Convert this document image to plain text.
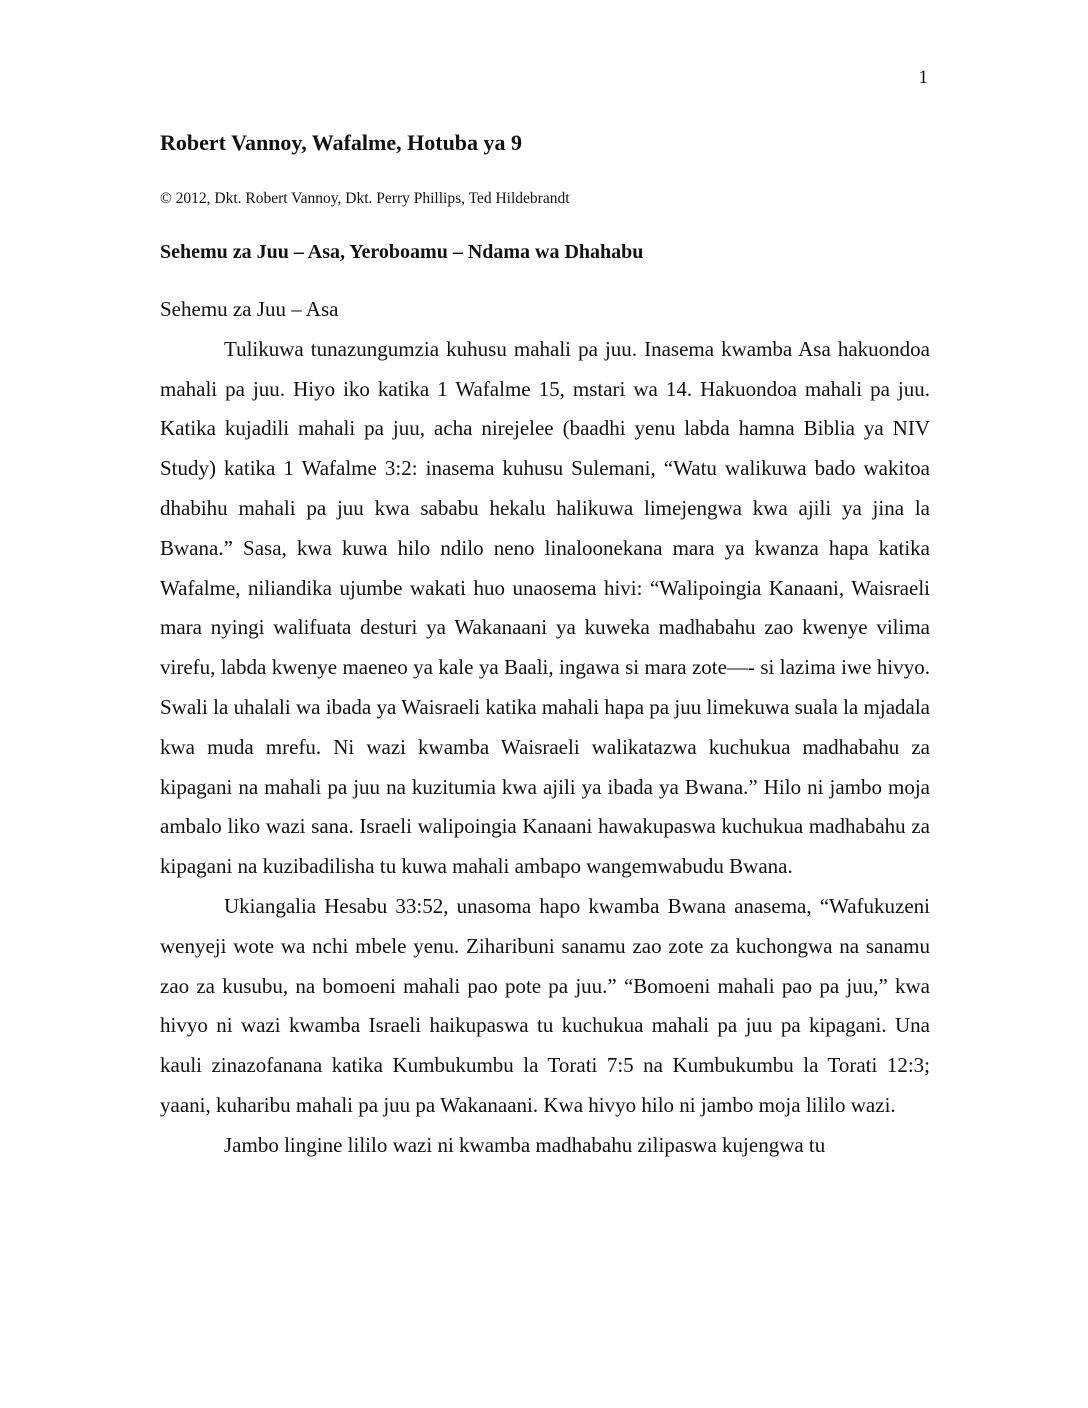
1
Robert Vannoy, Wafalme, Hotuba ya 9

© 2012, Dkt. Robert Vannoy, Dkt. Perry Phillips, Ted Hildebrandt

Sehemu za Juu – Asa, Yeroboamu – Ndama wa Dhahabu
Sehemu za Juu – Asa

Tulikuwa tunazungumzia kuhusu mahali pa juu. Inasema kwamba Asa hakuondoa mahali pa juu. Hiyo iko katika 1 Wafalme 15, mstari wa 14. Hakuondoa mahali pa juu. Katika kujadili mahali pa juu, acha nirejelee (baadhi yenu labda hamna Biblia ya NIV Study) katika 1 Wafalme 3:2: inasema kuhusu Sulemani, “Watu walikuwa bado wakitoa dhabihu mahali pa juu kwa sababu hekalu halikuwa limejengwa kwa ajili ya jina la Bwana.” Sasa, kwa kuwa hilo ndilo neno linaloonekana mara ya kwanza hapa katika Wafalme, niliandika ujumbe wakati huo unaosema hivi: “Walipoingia Kanaani, Waisraeli mara nyingi walifuata desturi ya Wakanaani ya kuweka madhabahu zao kwenye vilima virefu, labda kwenye maeneo ya kale ya Baali, ingawa si mara zote—- si lazima iwe hivyo. Swali la uhalali wa ibada ya Waisraeli katika mahali hapa pa juu limekuwa suala la mjadala kwa muda mrefu. Ni wazi kwamba Waisraeli walikatazwa kuchukua madhabahu za kipagani na mahali pa juu na kuzitumia kwa ajili ya ibada ya Bwana.” Hilo ni jambo moja ambalo liko wazi sana. Israeli walipoingia Kanaani hawakupaswa kuchukua madhabahu za kipagani na kuzibadilisha tu kuwa mahali ambapo wangemwabudu Bwana.

Ukiangalia Hesabu 33:52, unasoma hapo kwamba Bwana anasema, “Wafukuzeni wenyeji wote wa nchi mbele yenu. Ziharibuni sanamu zao zote za kuchongwa na sanamu zao za kusubu, na bomoeni mahali pao pote pa juu.” “Bomoeni mahali pao pa juu,” kwa hivyo ni wazi kwamba Israeli haikupaswa tu kuchukua mahali pa juu pa kipagani. Una kauli zinazofanana katika Kumbukumbu la Torati 7:5 na Kumbukumbu la Torati 12:3; yaani, kuharibu mahali pa juu pa Wakanaani. Kwa hivyo hilo ni jambo moja lililo wazi.

Jambo lingine lililo wazi ni kwamba madhabahu zilipaswa kujengwa tu
